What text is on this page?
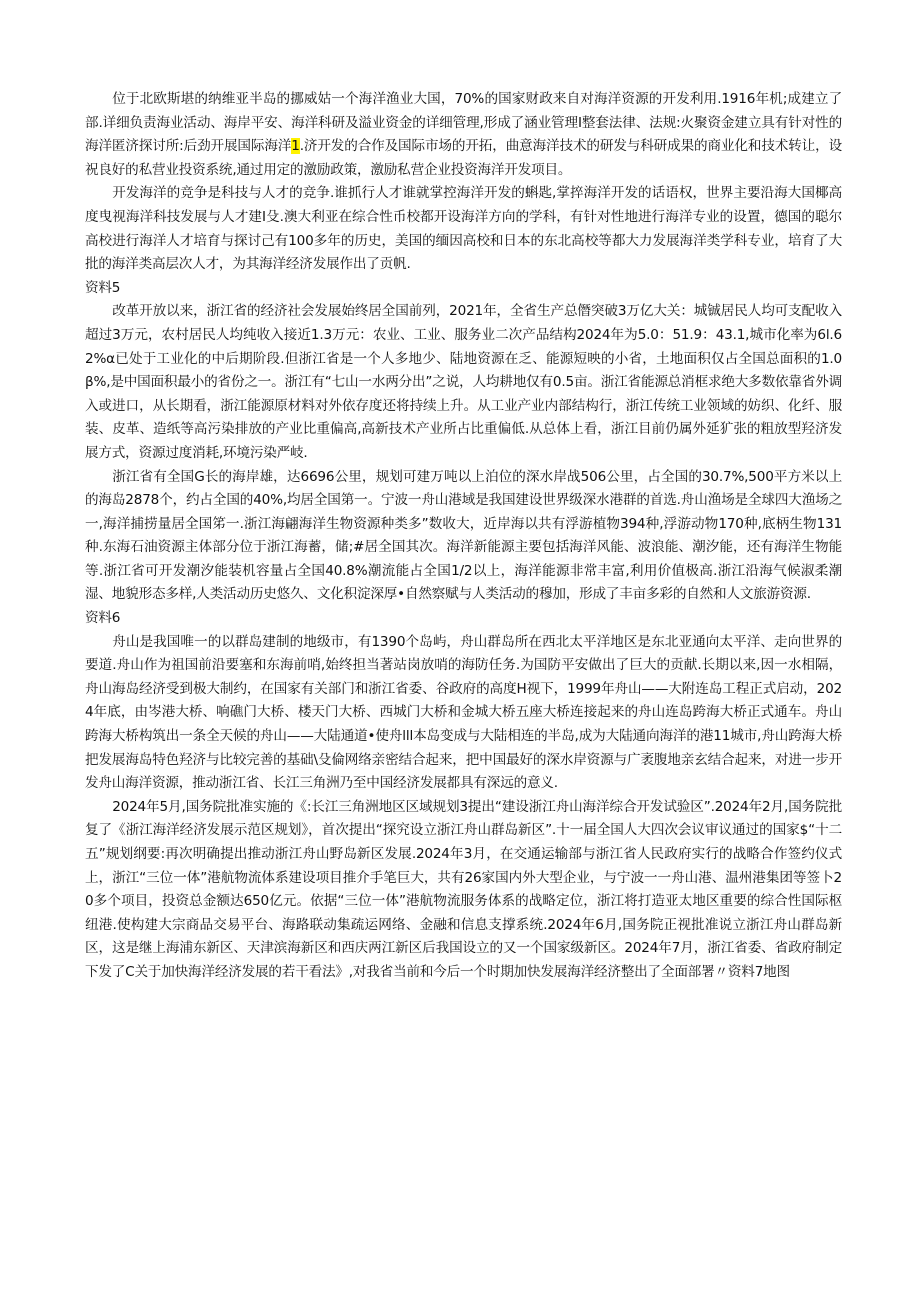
位于北欧斯堪的纳维亚半岛的挪威姑一个海洋渔业大国，70%的国家财政来自对海洋资源的开发利用.1916年机;成建立了部.详细负责海业活动、海岸平安、海洋科研及溢业资金的详细管理,形成了涵业管理I整套法律、法规:火聚资金建立具有针对性的海洋匿济探讨所:后劲开展国际海洋1.济开发的合作及国际市场的开拓，曲意海洋技术的研发与科研成果的商业化和技术转让，设祝良好的私营业投资系统,通过用定的激励政策，激励私营企业投资海洋开发项目。

开发海洋的竞争是科技与人才的竞争.谁抓行人才谁就掌控海洋开发的蝌匙,掌捽海洋开发的话语权，世界主要沿海大国椰高度曳视海洋科技发展与人才建I殳.澳大利亚在综合性币校都开设海洋方向的学科，有针对性地进行海洋专业的设置，德国的聪尔高校进行海洋人才培育与探讨己有100多年的历史，美国的缅因高校和日本的东北高校等都大力发展海洋类学科专业，培育了大批的海洋类高层次人才，为其海洋经济发展作出了贡帆.

资料5

改革开放以来，浙江省的经济社会发展始终居全国前列，2021年，全省生产总僭突破3万亿大关：城铖居民人均可支配收入超过3万元，农村居民人均纯收入接近1.3万元：农业、工业、服务业二次产品结构2024年为5.0：51.9：43.1,城市化率为6l.62%α已处于工业化的中后期阶段.但浙江省是一个人多地少、陆地资源在乏、能源短映的小省，土地面积仅占全国总面积的1.0β%,是中国面积最小的省份之一。浙江有“七山一水两分出”之说，人均耕地仅有0.5亩。浙江省能源总消框求绝大多数依靠省外调入或进口，从长期看，浙江能源原材料对外依存度还将持续上升。从工业产业内部结构行，浙江传统工业领域的妨织、化纤、服装、皮革、造纸等高污染排放的产业比重偏高,高新技术产业所占比重偏低.从总体上看，浙江目前仍属外延犷张的粗放型羟济发展方式，资源过度消耗,环境污染严岐.

浙江省有全国G长的海岸雄，达6696公里，规划可建万吨以上泊位的深水岸战506公里，占全国的30.7%,500平方米以上的海岛2878个，约占全国的40%,均居全国第一。宁波一舟山港域是我国建设世界级深水港群的首选.舟山渔场是全球四大渔场之一,海洋捕捞量居全国笫一.浙江海翩海洋生物资源种类多”数收大，近岸海以共有浮游植物394种,浮游动物170种,底柄生物131种.东海石油资源主体部分位于浙江海蓄，储;#居全国其次。海洋新能源主要包括海洋风能、波浪能、潮汐能，还有海洋生物能等.浙江省可开发潮汐能装机容量占全国40.8%潮流能占全国1/2以上，海洋能源非常丰富,利用价值极高.浙江沿海气候淑柔潮湿、地貌形态多样,人类活动历史悠久、文化积淀深厚•自然察赋与人类活动的穆加，形成了丰亩多彩的自然和人文旅游资源.

资料6

舟山是我国唯一的以群岛建制的地级市，有1390个岛屿，舟山群岛所在西北太平洋地区是东北亚通向太平洋、走向世界的要道.舟山作为祖国前沿要塞和东海前哨,始终担当著站岗放哨的海防任务.为国防平安做出了巨大的贡献.长期以来,因一水相隔，舟山海岛经济受到极大制约，在国家有关部门和浙江省委、谷政府的高度H视下，1999年舟山——大附连岛工程正式启动，2024年底，由岑港大桥、响礁门大桥、楼天门大桥、西城门大桥和金城大桥五座大桥连接起来的舟山连岛跨海大桥正式通车。舟山跨海大桥构筑出一条全天候的舟山——大陆通道•使舟lll本岛变成与大陆相连的半岛,成为大陆通向海洋的港11城市,舟山跨海大桥把发展海岛特色羟济与比较完善的基础\殳倫网络亲密结合起来，把中国最好的深水岸资源与广袤腹地亲玄结合起来，对进一步开发舟山海洋资源，推动浙江省、长江三角洲乃至中国经济发展都具有深远的意义.

2024年5月,国务院批准实施的《:长江三角洲地区区域规划3提出“建设浙江舟山海洋综合开发试验区”.2024年2月,国务院批复了《浙江海洋经济发展示范区规划》，首次提出“探究设立浙江舟山群岛新区”.十一届全国人大四次会议审议通过的国家$“十二五”规划纲要:再次明确提出推动浙江舟山野岛新区发展.2024年3月，在交通运输部与浙江省人民政府实行的战略合作签约仪式上，浙江“三位一体”港航物流体系建设项目推介手笔巨大，共有26家国内外大型企业，与宁波一一舟山港、温州港集团等签卜20多个项目，投资总金额达650亿元。依据“三位一体”港航物流服务体系的战略定位，浙江将打造亚太地区重要的综合性国际枢纽港.使构建大宗商品交易平台、海路联动集疏运网络、金融和信息支撑系统.2024年6月,国务院正视批准说立浙江舟山群岛新区，这是继上海浦东新区、天津滨海新区和西庆两江新区后我国设立的又一个国家级新区。2024年7月，浙江省委、省政府制定下发了C关于加快海洋经济发展的若干看法》,对我省当前和今后一个时期加快发展海洋经济整出了全面部署〃资料7地图
